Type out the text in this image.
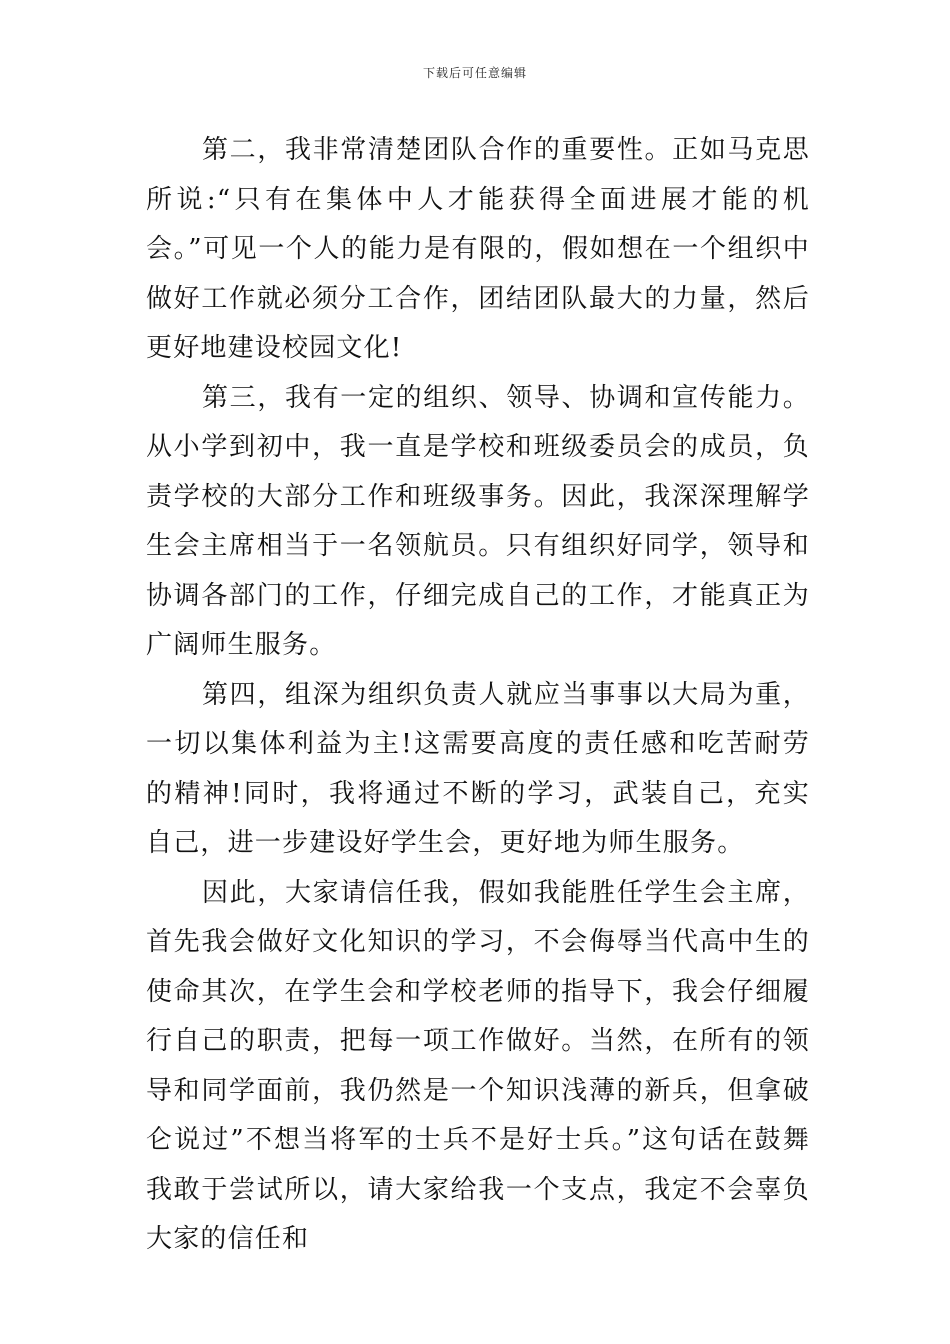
下载后可任意编辑

第二，我非常清楚团队合作的重要性。正如马克思所说:“只有在集体中人才能获得全面进展才能的机会。”可见一个人的能力是有限的，假如想在一个组织中做好工作就必须分工合作，团结团队最大的力量，然后更好地建设校园文化!

第三，我有一定的组织、领导、协调和宣传能力。从小学到初中，我一直是学校和班级委员会的成员，负责学校的大部分工作和班级事务。因此，我深深理解学生会主席相当于一名领航员。只有组织好同学，领导和协调各部门的工作，仔细完成自己的工作，才能真正为广阔师生服务。

第四，组深为组织负责人就应当事事以大局为重，一切以集体利益为主!这需要高度的责任感和吃苦耐劳的精神!同时，我将通过不断的学习，武装自己，充实自己，进一步建设好学生会，更好地为师生服务。

因此，大家请信任我，假如我能胜任学生会主席，首先我会做好文化知识的学习，不会侮辱当代高中生的使命其次，在学生会和学校老师的指导下，我会仔细履行自己的职责，把每一项工作做好。当然，在所有的领导和同学面前，我仍然是一个知识浅薄的新兵，但拿破仑说过”不想当将军的士兵不是好士兵。”这句话在鼓舞我敢于尝试所以，请大家给我一个支点，我定不会辜负大家的信任和
